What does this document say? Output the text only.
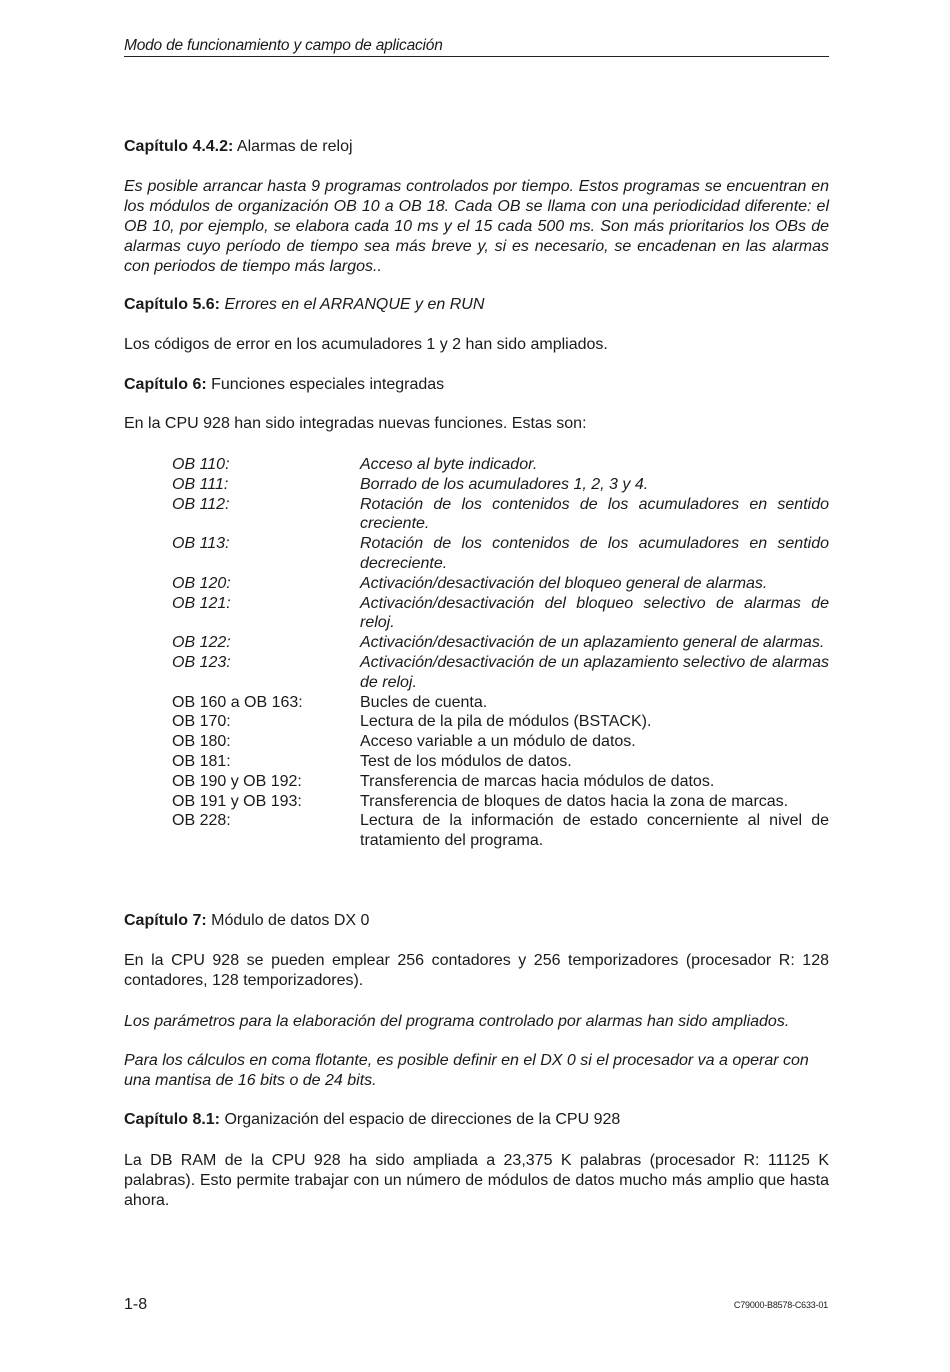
Modo de funcionamiento y campo de aplicación
Capítulo 4.4.2: Alarmas de reloj
Es posible arrancar hasta 9 programas controlados por tiempo. Estos programas se encuentran en los módulos de organización OB 10 a OB 18. Cada OB se llama con una periodicidad diferente: el OB 10, por ejemplo, se elabora cada 10 ms y el 15 cada 500 ms. Son más prioritarios los OBs de alarmas cuyo período de tiempo sea más breve y, si es necesario, se encadenan en las alarmas con periodos de tiempo más largos..
Capítulo 5.6: Errores en el ARRANQUE y en RUN
Los códigos de error en los acumuladores 1 y 2 han sido ampliados.
Capítulo 6: Funciones especiales integradas
En la CPU 928 han sido integradas nuevas funciones. Estas son:
OB 110:	Acceso al byte indicador.
OB 111:	Borrado de los acumuladores 1, 2, 3 y 4.
OB 112:	Rotación de los contenidos de los acumuladores en sentido creciente.
OB 113:	Rotación de los contenidos de los acumuladores en sentido decreciente.
OB 120:	Activación/desactivación del bloqueo general de alarmas.
OB 121:	Activación/desactivación del bloqueo selectivo de alarmas de reloj.
OB 122:	Activación/desactivación de un aplazamiento general de alarmas.
OB 123:	Activación/desactivación de un aplazamiento selectivo de alarmas de reloj.
OB 160 a OB 163:	Bucles de cuenta.
OB 170:	Lectura de la pila de módulos (BSTACK).
OB 180:	Acceso variable a un módulo de datos.
OB 181:	Test de los módulos de datos.
OB 190 y OB 192:	Transferencia de marcas hacia módulos de datos.
OB 191 y OB 193:	Transferencia de bloques de datos hacia la zona de marcas.
OB 228:	Lectura de la información de estado concerniente al nivel de tratamiento del programa.
Capítulo 7: Módulo de datos DX 0
En la CPU 928 se pueden emplear 256 contadores y 256 temporizadores (procesador R: 128 contadores, 128 temporizadores).
Los parámetros para la elaboración del programa controlado por alarmas han sido ampliados.
Para los cálculos en coma flotante, es posible definir en el DX 0 si el procesador va a operar con una mantisa de 16 bits o de 24 bits.
Capítulo 8.1: Organización del espacio de direcciones de la CPU 928
La DB RAM de la CPU 928 ha sido ampliada a 23,375 K palabras (procesador R: 11125 K palabras). Esto permite trabajar con un número de módulos de datos mucho más amplio que hasta ahora.
1-8	C79000-B8578-C633-01
